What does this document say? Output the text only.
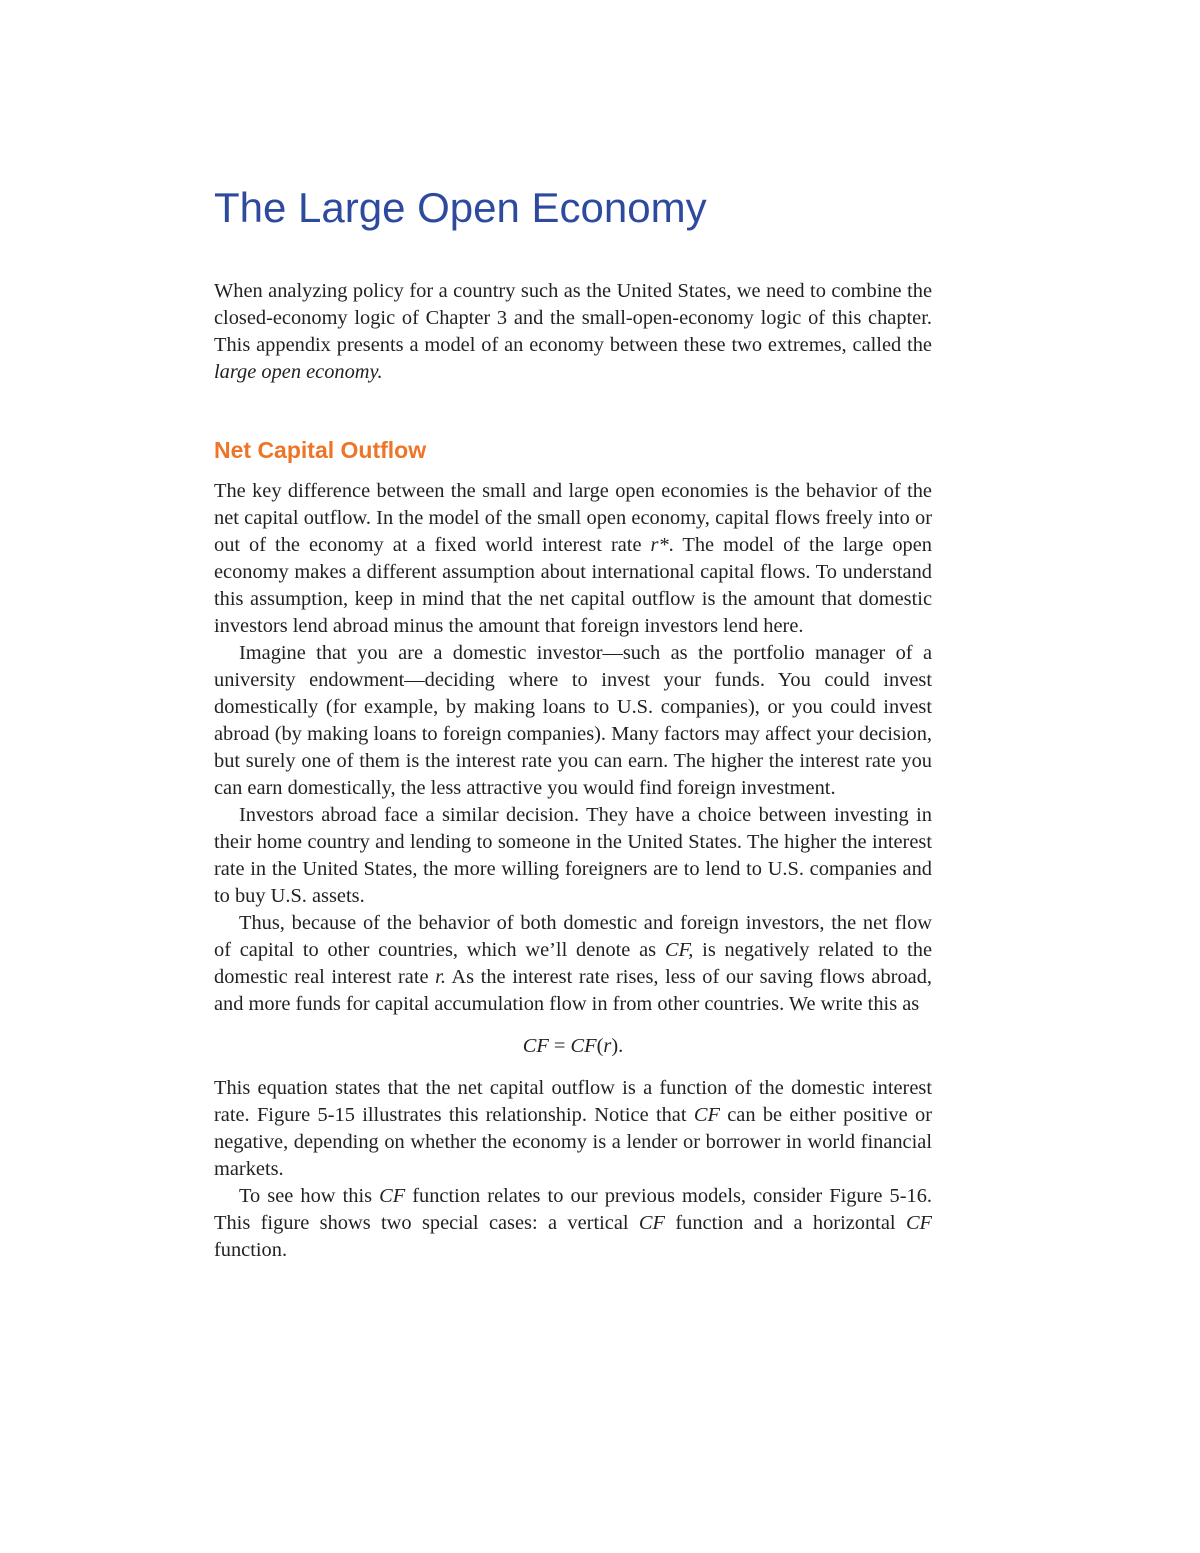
The Large Open Economy

When analyzing policy for a country such as the United States, we need to combine the closed-economy logic of Chapter 3 and the small-open-economy logic of this chapter. This appendix presents a model of an economy between these two extremes, called the large open economy.

Net Capital Outflow

The key difference between the small and large open economies is the behavior of the net capital outflow. In the model of the small open economy, capital flows freely into or out of the economy at a fixed world interest rate r*. The model of the large open economy makes a different assumption about international capital flows. To understand this assumption, keep in mind that the net capital outflow is the amount that domestic investors lend abroad minus the amount that foreign investors lend here.

Imagine that you are a domestic investor—such as the portfolio manager of a university endowment—deciding where to invest your funds. You could invest domestically (for example, by making loans to U.S. companies), or you could invest abroad (by making loans to foreign companies). Many factors may affect your decision, but surely one of them is the interest rate you can earn. The higher the interest rate you can earn domestically, the less attractive you would find foreign investment.

Investors abroad face a similar decision. They have a choice between investing in their home country and lending to someone in the United States. The higher the interest rate in the United States, the more willing foreigners are to lend to U.S. companies and to buy U.S. assets.

Thus, because of the behavior of both domestic and foreign investors, the net flow of capital to other countries, which we’ll denote as CF, is negatively related to the domestic real interest rate r. As the interest rate rises, less of our saving flows abroad, and more funds for capital accumulation flow in from other countries. We write this as

CF = CF(r).

This equation states that the net capital outflow is a function of the domestic interest rate. Figure 5-15 illustrates this relationship. Notice that CF can be either positive or negative, depending on whether the economy is a lender or borrower in world financial markets.

To see how this CF function relates to our previous models, consider Figure 5-16. This figure shows two special cases: a vertical CF function and a horizontal CF function.
